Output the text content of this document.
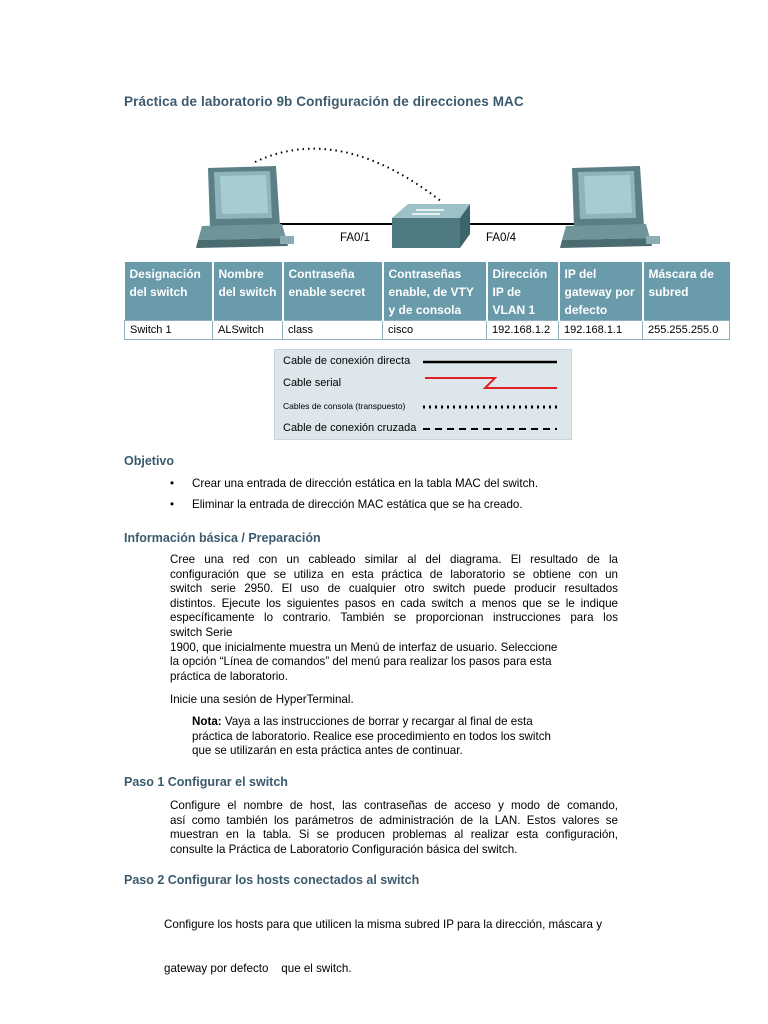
Práctica de laboratorio 9b Configuración de direcciones MAC
FA0/1	FA0/4
Designación del switch	Nombre del switch	Contraseña enable secret	Contraseñas enable, de VTY y de consola	Dirección IP de VLAN 1	IP del gateway por defecto	Máscara de subred
Switch 1	ALSwitch	class	cisco	192.168.1.2	192.168.1.1	255.255.255.0
Cable de conexión directa
Cable serial
Cables de consola (transpuesto)
Cable de conexión cruzada
Objetivo
• Crear una entrada de dirección estática en la tabla MAC del switch.
• Eliminar la entrada de dirección MAC estática que se ha creado.
Información básica / Preparación
Cree una red con un cableado similar al del diagrama. El resultado de la
configuración que se utiliza en esta práctica de laboratorio se obtiene con un
switch serie 2950. El uso de cualquier otro switch puede producir resultados
distintos. Ejecute los siguientes pasos en cada switch a menos que se le indique
específicamente lo contrario. También se proporcionan instrucciones para los
switch Serie
1900, que inicialmente muestra un Menú de interfaz de usuario. Seleccione
la opción “Línea de comandos” del menú para realizar los pasos para esta
práctica de laboratorio.
Inicie una sesión de HyperTerminal.
Nota: Vaya a las instrucciones de borrar y recargar al final de esta
práctica de laboratorio. Realice ese procedimiento en todos los switch
que se utilizarán en esta práctica antes de continuar.
Paso 1 Configurar el switch
Configure el nombre de host, las contraseñas de acceso y modo de comando,
así como también los parámetros de administración de la LAN. Estos valores se
muestran en la tabla. Si se producen problemas al realizar esta configuración,
consulte la Práctica de Laboratorio Configuración básica del switch.
Paso 2 Configurar los hosts conectados al switch

Configure los hosts para que utilicen la misma subred IP para la dirección, máscara y

gateway por defecto    que el switch.
